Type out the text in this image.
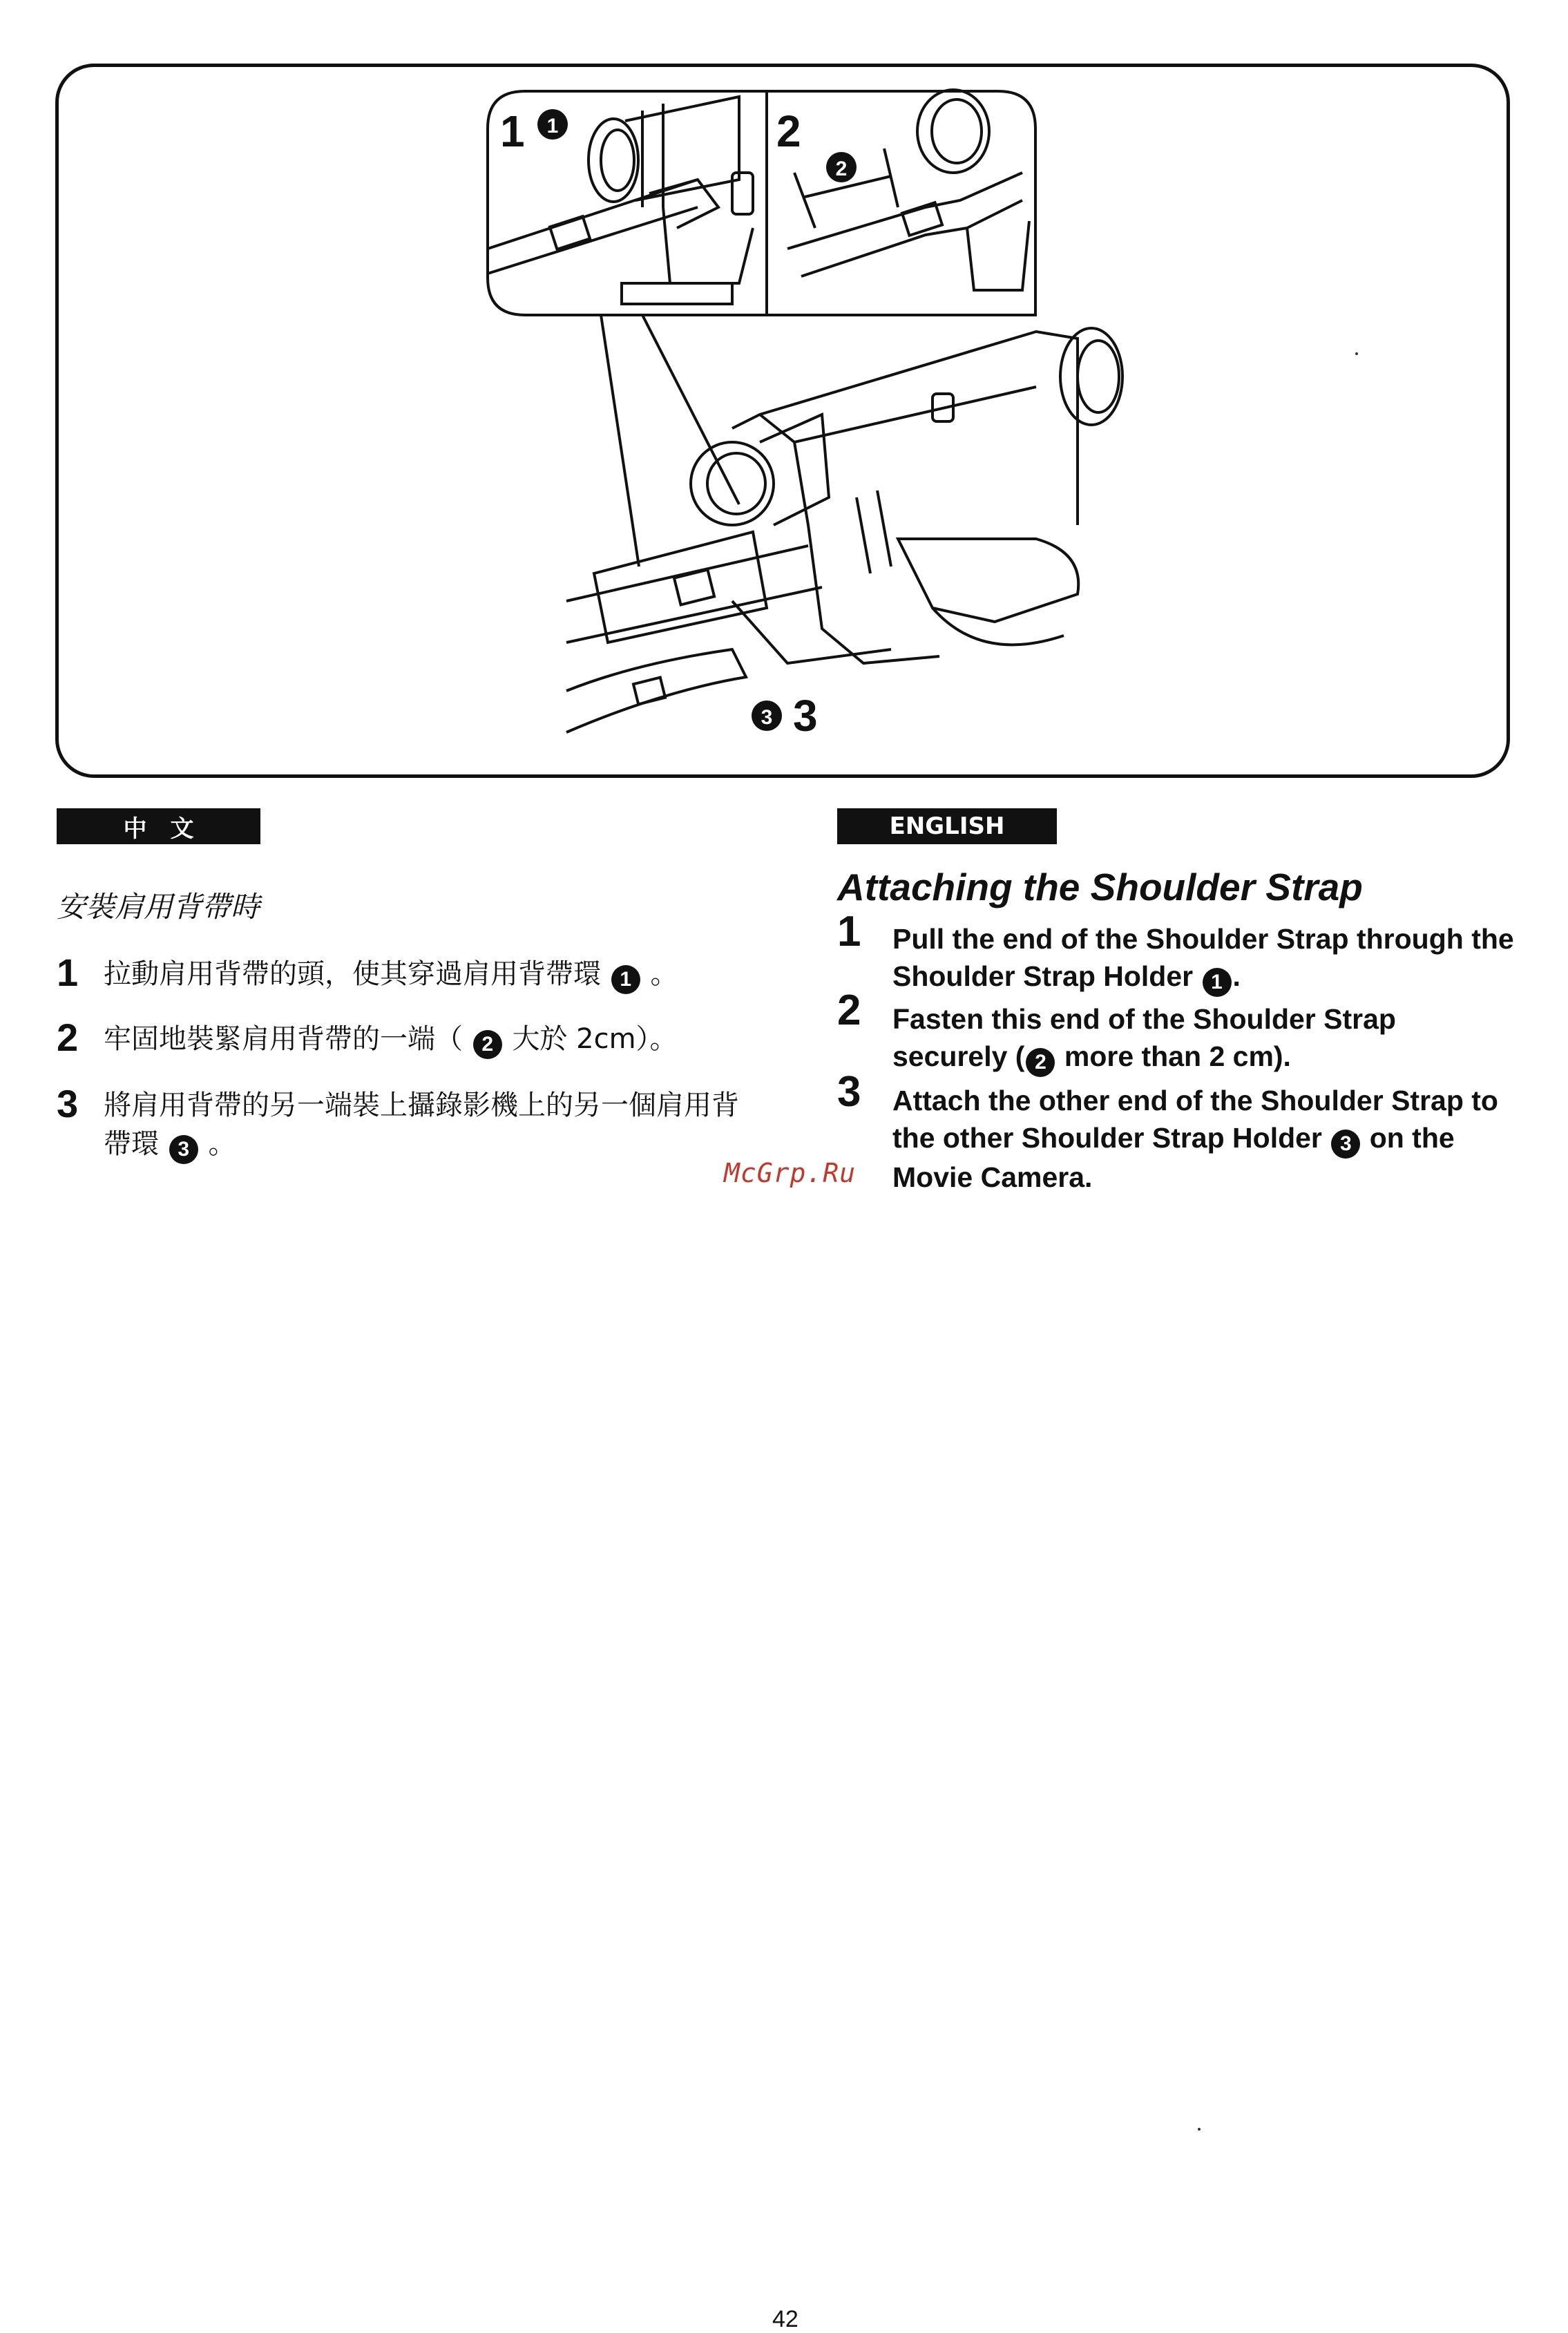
1 1	2
2
3 3
中文
安裝肩用背帶時
1 拉動肩用背帶的頭，使其穿過肩用背帶環 1 。
2 牢固地裝緊肩用背帶的一端（ 2 大於 2cm）。
3 將肩用背帶的另一端裝上攝錄影機上的另一個肩用背帶環 3 。
McGrp.Ru
ENGLISH
Attaching the Shoulder Strap
1 Pull the end of the Shoulder Strap through the Shoulder Strap Holder 1 .
2 Fasten this end of the Shoulder Strap securely ( 2 more than 2 cm).
3 Attach the other end of the Shoulder Strap to the other Shoulder Strap Holder 3 on the Movie Camera.
42
